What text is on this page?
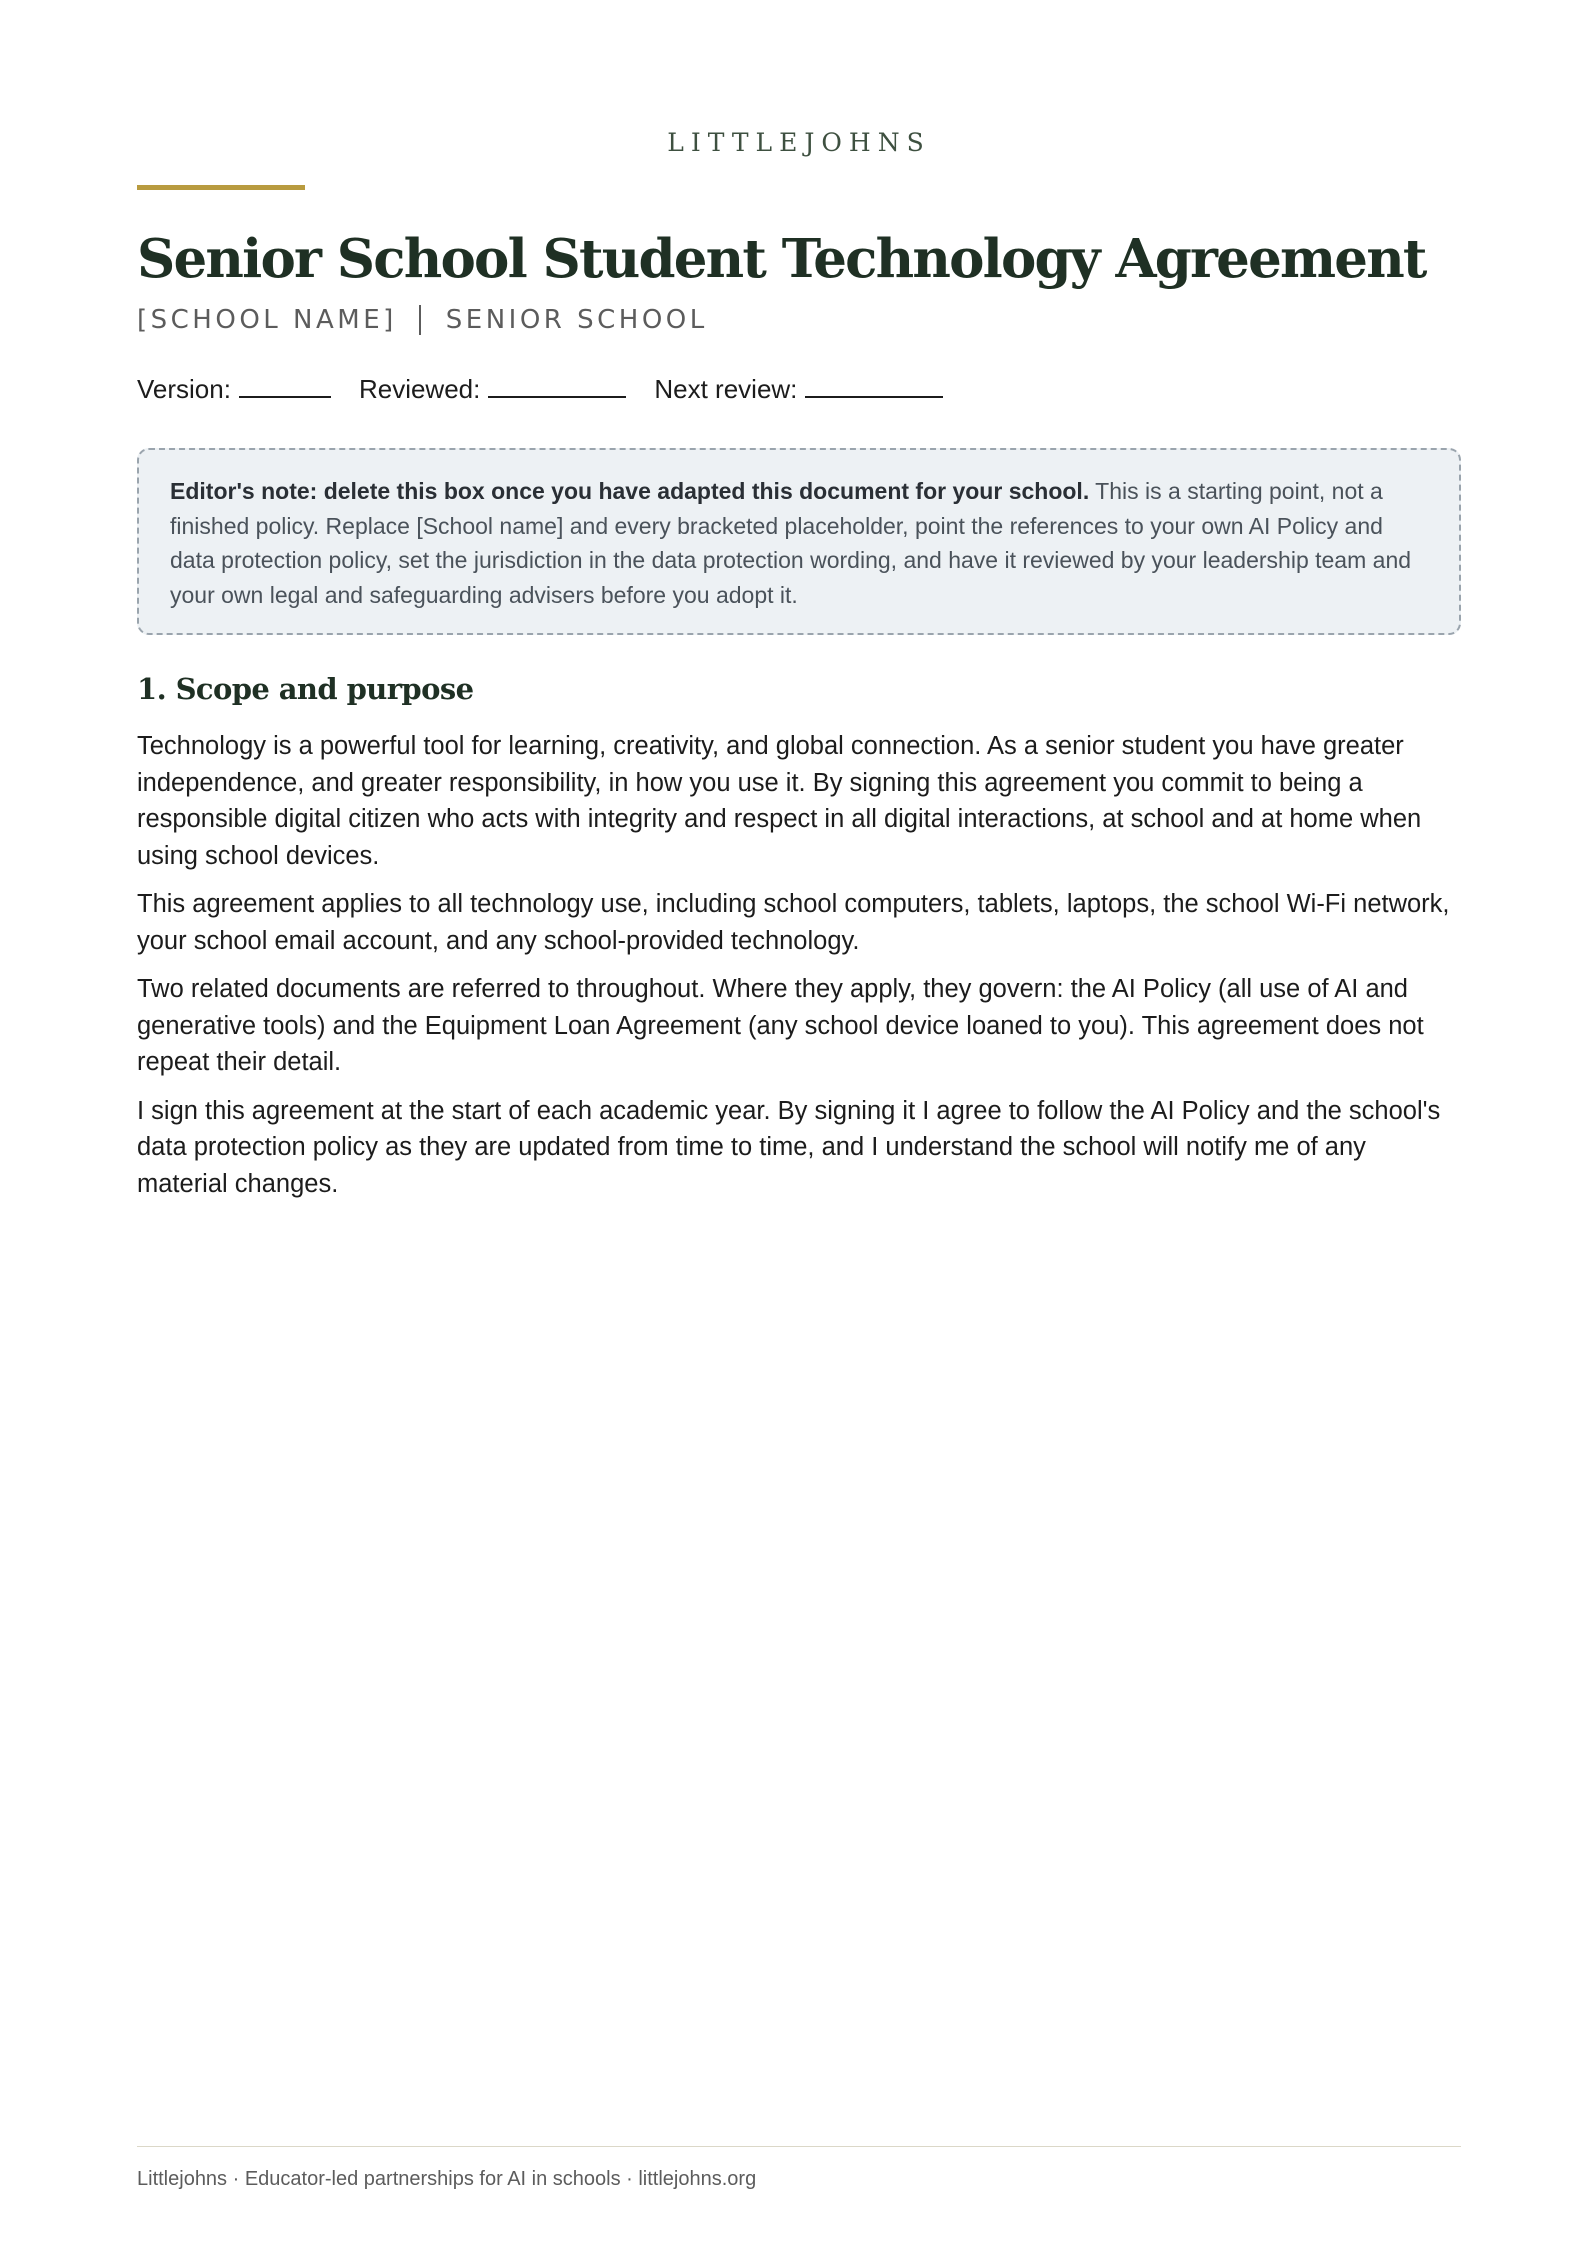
LITTLEJOHNS
Senior School Student Technology Agreement
[SCHOOL NAME] SENIOR SCHOOL
Version:	Reviewed:	Next review:
Editor's note: delete this box once you have adapted this document for your school. This is a starting point, not a finished policy. Replace [School name] and every bracketed placeholder, point the references to your own AI Policy and data protection policy, set the jurisdiction in the data protection wording, and have it reviewed by your leadership team and your own legal and safeguarding advisers before you adopt it.
1. Scope and purpose

Technology is a powerful tool for learning, creativity, and global connection. As a senior student you have greater independence, and greater responsibility, in how you use it. By signing this agreement you commit to being a responsible digital citizen who acts with integrity and respect in all digital interactions, at school and at home when using school devices.

This agreement applies to all technology use, including school computers, tablets, laptops, the school Wi-Fi network, your school email account, and any school-provided technology.

Two related documents are referred to throughout. Where they apply, they govern: the AI Policy (all use of AI and generative tools) and the Equipment Loan Agreement (any school device loaned to you). This agreement does not repeat their detail.

I sign this agreement at the start of each academic year. By signing it I agree to follow the AI Policy and the school's data protection policy as they are updated from time to time, and I understand the school will notify me of any material changes.

Littlejohns · Educator-led partnerships for AI in schools · littlejohns.org
